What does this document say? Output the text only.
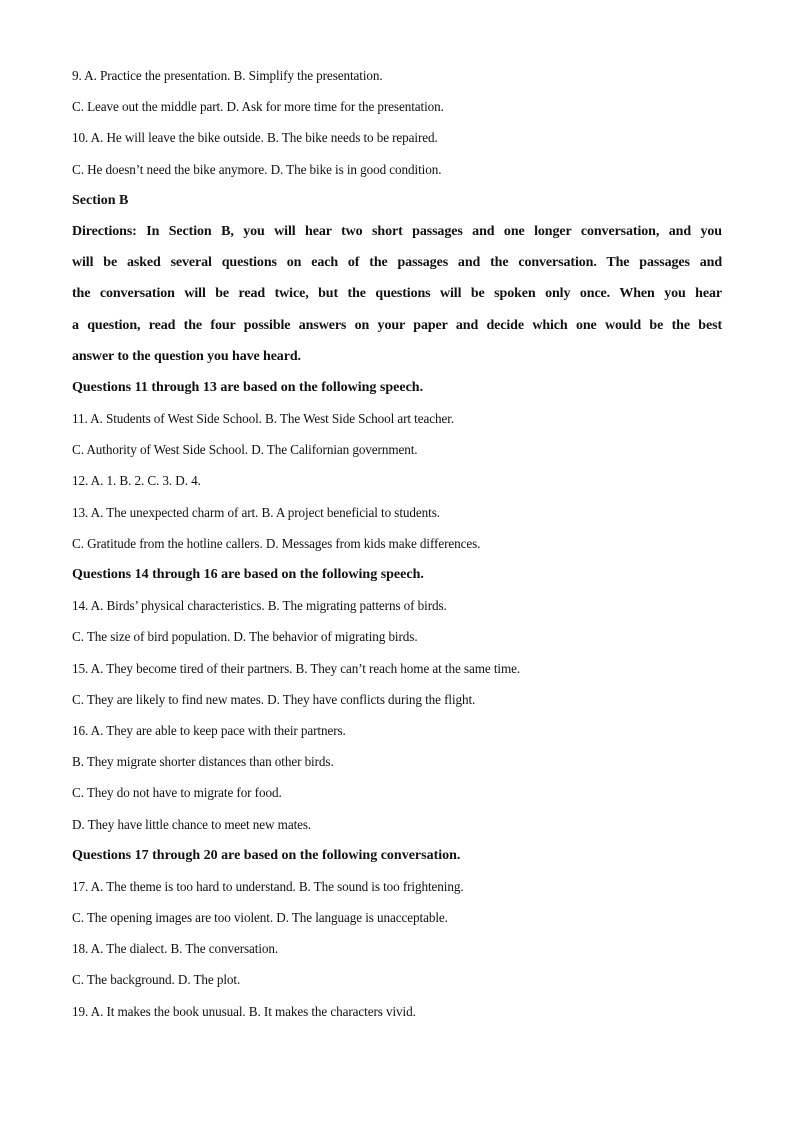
9. A. Practice the presentation. B. Simplify the presentation.
C. Leave out the middle part. D. Ask for more time for the presentation.
10. A. He will leave the bike outside. B. The bike needs to be repaired.
C. He doesn’t need the bike anymore. D. The bike is in good condition.
Section B
Directions: In Section B, you will hear two short passages and one longer conversation, and you
will be asked several questions on each of the passages and the conversation. The passages and
the conversation will be read twice, but the questions will be spoken only once. When you hear
a question, read the four possible answers on your paper and decide which one would be the best
answer to the question you have heard.
Questions 11 through 13 are based on the following speech.
11. A. Students of West Side School. B. The West Side School art teacher.
C. Authority of West Side School. D. The Californian government.
12. A. 1. B. 2. C. 3. D. 4.
13. A. The unexpected charm of art. B. A project beneficial to students.
C. Gratitude from the hotline callers. D. Messages from kids make differences.
Questions 14 through 16 are based on the following speech.
14. A. Birds’ physical characteristics. B. The migrating patterns of birds.
C. The size of bird population. D. The behavior of migrating birds.
15. A. They become tired of their partners. B. They can’t reach home at the same time.
C. They are likely to find new mates. D. They have conflicts during the flight.
16. A. They are able to keep pace with their partners.
B. They migrate shorter distances than other birds.
C. They do not have to migrate for food.
D. They have little chance to meet new mates.
Questions 17 through 20 are based on the following conversation.
17. A. The theme is too hard to understand. B. The sound is too frightening.
C. The opening images are too violent. D. The language is unacceptable.
18. A. The dialect. B. The conversation.
C. The background. D. The plot.
19. A. It makes the book unusual. B. It makes the characters vivid.
